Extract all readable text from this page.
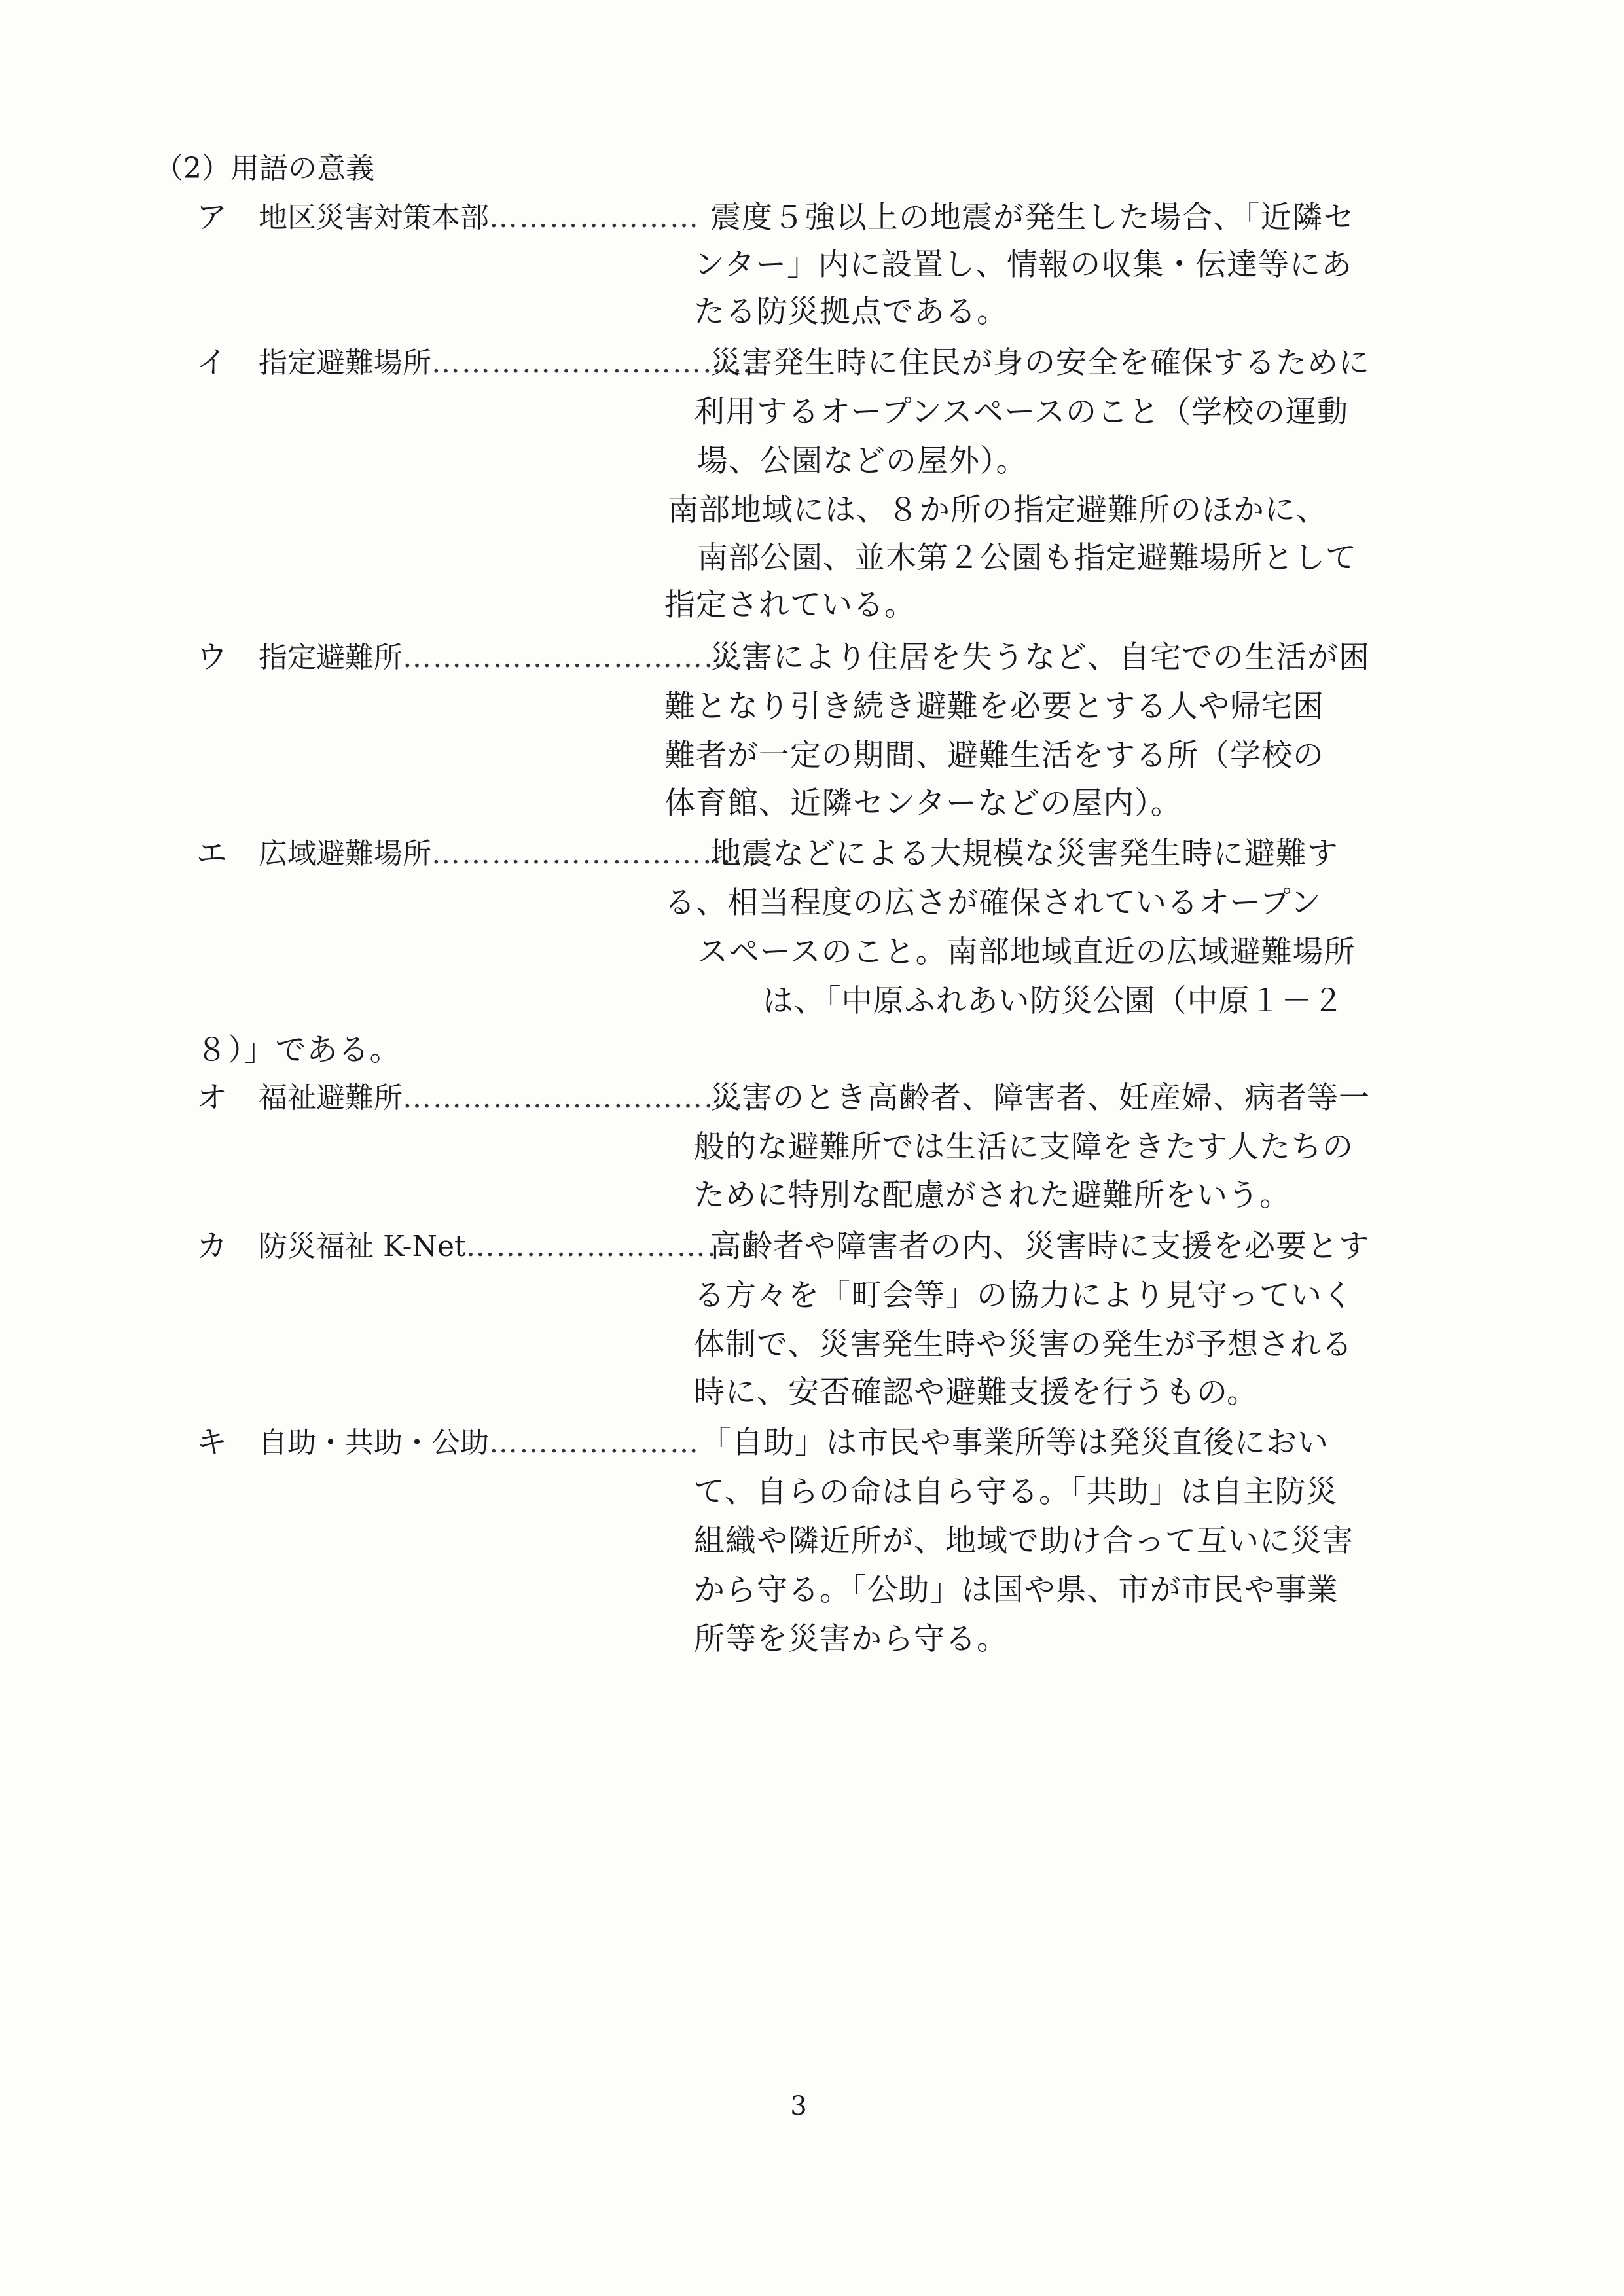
（2）用語の意義
ア 地区災害対策本部 ………………… 震度５強以上の地震が発生した場合、「近隣セ
ンター」内に設置し、情報の収集・伝達等にあ
たる防災拠点である。
イ 指定避難場所 ……………………………
災害発生時に住民が身の安全を確保するために
利用するオープンスペースのこと（学校の運動
場、公園などの屋外）。
南部地域には、８か所の指定避難所のほかに、
南部公園、並木第２公園も指定避難場所として
指定されている。
ウ 指定避難所 ………………………………
災害により住居を失うなど、自宅での生活が困
難となり引き続き避難を必要とする人や帰宅困
難者が一定の期間、避難生活をする所（学校の
体育館、近隣センターなどの屋内）。
エ 広域避難場所 ……………………………
地震などによる大規模な災害発生時に避難す
る、相当程度の広さが確保されているオープン
スペースのこと。南部地域直近の広域避難場所
は、「中原ふれあい防災公園（中原１－２
８）」である。
オ 福祉避難所 ………………………………
災害のとき高齢者、障害者、妊産婦、病者等一
般的な避難所では生活に支障をきたす人たちの
ために特別な配慮がされた避難所をいう。
カ 防災福祉 K-Net ………………………
高齢者や障害者の内、災害時に支援を必要とす
る方々を「町会等」の協力により見守っていく
体制で、災害発生時や災害の発生が予想される
時に、安否確認や避難支援を行うもの。
キ 自助・共助・公助 ………………… 「自助」は市民や事業所等は発災直後におい
て、自らの命は自ら守る。「共助」は自主防災
組織や隣近所が、地域で助け合って互いに災害
から守る。「公助」は国や県、市が市民や事業
所等を災害から守る。
3
